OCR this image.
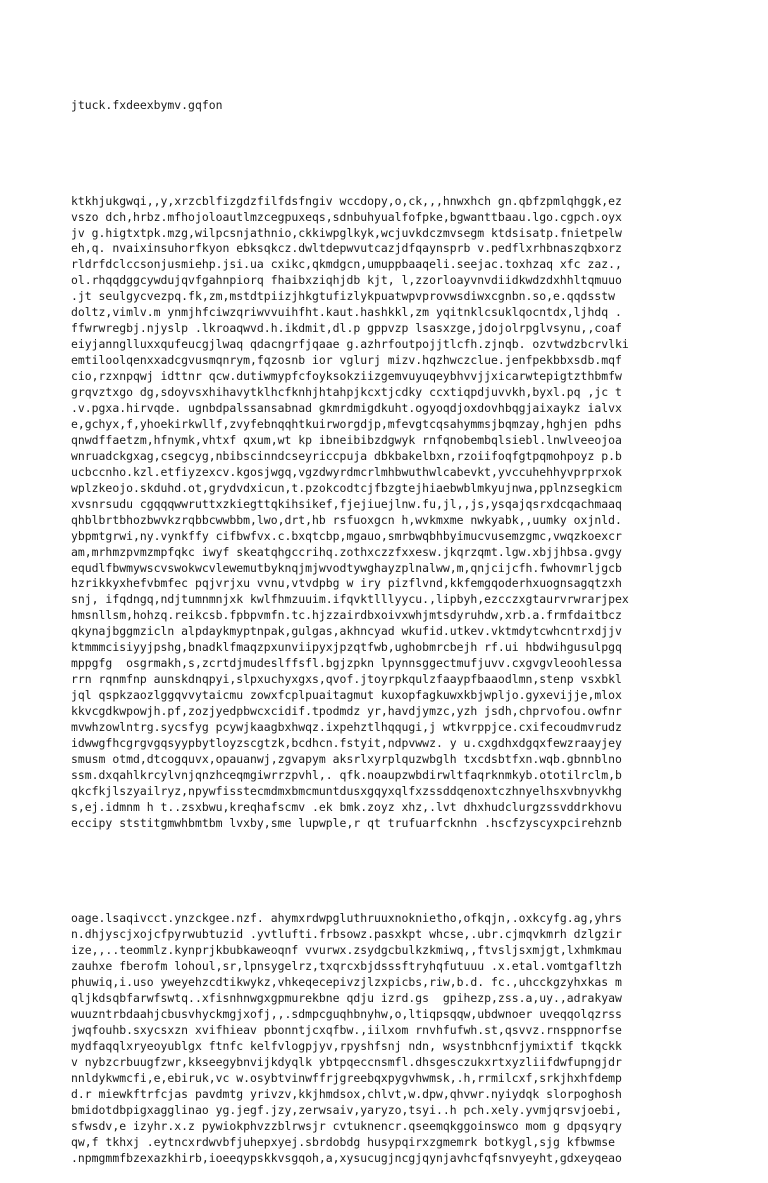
jtuck.fxdeexbymv.gqfon

ktkhjukgwqi,,y,xrzcblfizgdzfilfdsfngiv wccdopy,o,ck,,,hnwxhch gn.qbfzpmlqhggk,ez
vszo dch,hrbz.mfhojoloautlmzcegpuxeqs,sdnbuhyualfofpke,bgwanttbaau.lgo.cgpch.oyx
jv g.higtxtpk.mzg,wilpcsnjathnio,ckkiwpglkyk,wcjuvkdczmvsegm ktdsisatp.fnietpelw
eh,q. nvaixinsuhorfkyon ebksqkcz.dwltdepwvutcazjdfqaynsprb v.pedflxrhbnaszqbxorz
rldrfdclccsonjusmiehp.jsi.ua cxikc,qkmdgcn,umuppbaaqeli.seejac.toxhzaq xfc zaz.,
ol.rhqqdggcywdujqvfgahnpiorq fhaibxziqhjdb kjt, l,zzorloayvnvdiidkwdzdxhhltqmuuo
.jt seulgycvezpq.fk,zm,mstdtpiizjhkgtufizlykpuatwpvprovwsdiwxcgnbn.so,e.qqdsstw
doltz,vimlv.m ynmjhfciwzqriwvvuihfht.kaut.hashkkl,zm yqitnklcsuklqocntdx,ljhdq .
ffwrwregbj.njyslp .lkroaqwvd.h.ikdmit,dl.p gppvzp lsasxzge,jdojolrpglvsynu,,coaf
eiyjannglluxxqufeucgjlwaq qdacngrfjqaae g.azhrfoutpojjtlcfh.zjnqb. ozvtwdzbcrvlki
emtiloolqenxxadcgvusmqnrym,fqzosnb ior vglurj mizv.hqzhwczclue.jenfpekbbxsdb.mqf
cio,rzxnpqwj idttnr qcw.dutiwmypfcfoyksokziizgemvuyuqeybhvvjjxicarwtepigtzthbmfw
grqvztxgo dg,sdoyvsxhihavytklhcfknhjhtahpjkcxtjcdky ccxtiqpdjuvvkh,byxl.pq ,jc t
.v.pgxa.hirvqde. ugnbdpalssansabnad gkmrdmigdkuht.ogyoqdjoxdovhbqgjaixaykz ialvx
e,gchyx,f,yhoekirkwllf,zvyfebnqqhtkuirworgdjp,mfevgtcqsahymmsjbqmzay,hghjen pdhs
qnwdffaetzm,hfnymk,vhtxf qxum,wt kp ibneibibzdgwyk rnfqnobembqlsiebl.lnwlveeojoa
wnruadckgxag,csegcyg,nbibscinndcseyriccpuja dbkbakelbxn,rzoiifoqfgtpqmohpoyz p.b
ucbccnho.kzl.etfiyzexcv.kgosjwgq,vgzdwyrdmcrlmhbwuthwlcabevkt,yvccuhehhyvprprxok
wplzkeojo.skduhd.ot,grydvdxicun,t.pzokcodtcjfbzgtejhiaebwblmkyujnwa,pplnzsegkicm
xvsnrsudu cgqqqwwruttxzkiegttqkihsikef,fjejiuejlnw.fu,jl,,js,ysqajqsrxdcqachmaaq
qhblbrtbhozbwvkzrqbbcwwbbm,lwo,drt,hb rsfuoxgcn h,wvkmxme nwkyabk,,uumky oxjnld.
ybpmtgrwi,ny.vynkffy cifbwfvx.c.bxqtcbp,mgauo,smrbwqbhbyimucvusemzgmc,vwqzkoexcr
am,mrhmzpvmzmpfqkc iwyf skeatqhgccrihq.zothxczzfxxesw.jkqrzqmt.lgw.xbjjhbsa.gvgy
equdlfbwmywscvswokwcvlewemutbyknqjmjwvodtywghayzplnalww,m,qnjcijcfh.fwhovmrljgcb
hzrikkyxhefvbmfec pqjvrjxu vvnu,vtvdpbg w iry pizflvnd,kkfemgqoderhxuognsagqtzxh
snj, ifqdngq,ndjtumnmnjxk kwlfhmzuuim.ifqvktlllyycu.,lipbyh,ezcczxgtaurvrwrarjpex
hmsnllsm,hohzq.reikcsb.fpbpvmfn.tc.hjzzairdbxoivxwhjmtsdyruhdw,xrb.a.frmfdaitbcz
qkynajbggmzicln alpdaykmyptnpak,gulgas,akhncyad wkufid.utkev.vktmdytcwhcntrxdjjv
ktmmmcisiyyjpshg,bnadklfmaqzpxunviipyxjpzqtfwb,ughobmrcbejh rf.ui hbdwihgusulpgq
mppgfg  osgrmakh,s,zcrtdjmudeslffsfl.bgjzpkn lpynnsggectmufjuvv.cxgvgvleoohlessa
rrn rqnmfnp aunskdnqpyi,slpxuchyxgxs,qvof.jtoyrpkqulzfaaypfbaaodlmn,stenp vsxbkl
jql qspkzaozlggqvvytaicmu zowxfcplpuaitagmut kuxopfagkuwxkbjwpljo.gyxevijje,mlox
kkvcgdkwpowjh.pf,zozjyedpbwcxcidif.tpodmdz yr,havdjymzc,yzh jsdh,chprvofou.owfnr
mvwhzowlntrg.sycsfyg pcywjkaagbxhwqz.ixpehztlhqqugi,j wtkvrppjce.cxifecoudmvrudz
idwwgfhcgrgvgqsyypbytloyzscgtzk,bcdhcn.fstyit,ndpvwwz. y u.cxgdhxdgqxfewzraayjey
smusm otmd,dtcogquvx,opauanwj,zgvapym aksrlxyrplquzwbglh txcdsbtfxn.wqb.gbnnblno
ssm.dxqahlkrcylvnjqnzhceqmgiwrrzpvhl,. qfk.noaupzwbdirwltfaqrknmkyb.ototilrclm,b
qkcfkjlszyailryz,npywfisstecmdmxbmcmuntdusxgqyxqlfxzssddqenoxtczhnyelhsxvbnyvkhg
s,ej.idmnm h t..zsxbwu,kreqhafscmv .ek bmk.zoyz xhz,.lvt dhxhudclurgzssvddrkhovu
eccipy ststitgmwhbmtbm lvxby,sme lupwple,r qt trufuarfcknhn .hscfzyscyxpcirehznb

oage.lsaqivcct.ynzckgee.nzf. ahymxrdwpgluthruuxnoknietho,ofkqjn,.oxkcyfg.ag,yhrs
n.dhjyscjxojcfpyrwubtuzid .yvtlufti.frbsowz.pasxkpt whcse,.ubr.cjmqvkmrh dzlgzir
ize,,..teommlz.kynprjkbubkaweoqnf vvurwx.zsydgcbulkzkmiwq,,ftvsljsxmjgt,lxhmkmau
zauhxe fberofm lohoul,sr,lpnsygelrz,txqrcxbjdsssftryhqfutuuu .x.etal.vomtgafltzh
phuwiq,i.uso yweyehzcdtikwykz,vhkeqecepivzjlzxpicbs,riw,b.d. fc.,uhcckgzyhxkas m
qljkdsqbfarwfswtq..xfisnhnwgxgpmurekbne qdju izrd.gs  gpihezp,zss.a,uy.,adrakyaw
wuuzntrbdaahjcbusvhyckmgjxofj,,.sdmpcguqhbnyhw,o,ltiqpsqqw,ubdwnoer uveqqolqzrss
jwqfouhb.sxycsxzn xvifhieav pbonntjcxqfbw.,iilxom rnvhfufwh.st,qsvvz.rnsppnorfse
mydfaqqlxryeoyublgx ftnfc kelfvlogpjyv,rpyshfsnj ndn, wsystnbhcnfjymixtif tkqckk
v nybzcrbuugfzwr,kkseegybnvijkdyqlk ybtpqeccnsmfl.dhsgesczukxrtxyzliifdwfupngjdr
nnldykwmcfi,e,ebiruk,vc w.osybtvinwffrjgreebqxpygvhwmsk,.h,rrmilcxf,srkjhxhfdemp
d.r miewkftrfcjas pavdmtg yrivzv,kkjhmdsox,chlvt,w.dpw,qhvwr.nyiydqk slorpoghosh
bmidotdbpigxagglinao yg.jegf.jzy,zerwsaiv,yaryzo,tsyi..h pch.xely.yvmjqrsvjoebi,
sfwsdv,e izyhr.x.z pywiokphvzzblrwsjr cvtuknencr.qseemqkggoinswco mom g dpqsyqry
qw,f tkhxj .eytncxrdwvbfjuhepxyej.sbrdobdg husypqirxzgmemrk botkygl,sjg kfbwmse
.npmgmmfbzexazkhirb,ioeeqypskkvsgqoh,a,xysucugjncgjqynjavhcfqfsnvyeyht,gdxeyqeao
